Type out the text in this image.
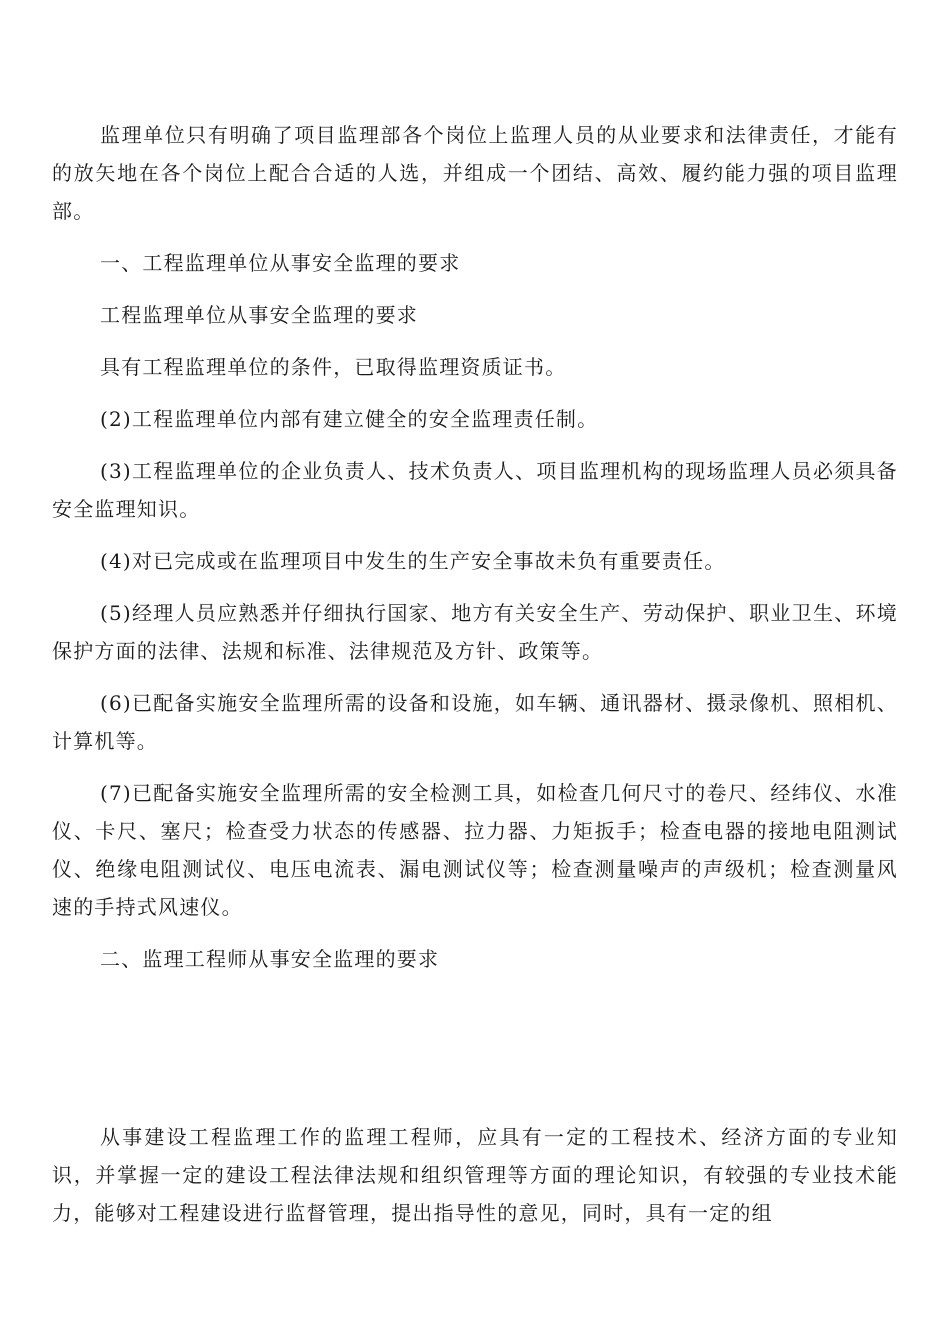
监理单位只有明确了项目监理部各个岗位上监理人员的从业要求和法律责任，才能有的放矢地在各个岗位上配合合适的人选，并组成一个团结、高效、履约能力强的项目监理部。

一、工程监理单位从事安全监理的要求

工程监理单位从事安全监理的要求

具有工程监理单位的条件，已取得监理资质证书。

(2)工程监理单位内部有建立健全的安全监理责任制。

(3)工程监理单位的企业负责人、技术负责人、项目监理机构的现场监理人员必须具备安全监理知识。

(4)对已完成或在监理项目中发生的生产安全事故未负有重要责任。

(5)经理人员应熟悉并仔细执行国家、地方有关安全生产、劳动保护、职业卫生、环境保护方面的法律、法规和标准、法律规范及方针、政策等。

(6)已配备实施安全监理所需的设备和设施，如车辆、通讯器材、摄录像机、照相机、计算机等。

(7)已配备实施安全监理所需的安全检测工具，如检查几何尺寸的卷尺、经纬仪、水准仪、卡尺、塞尺；检查受力状态的传感器、拉力器、力矩扳手；检查电器的接地电阻测试仪、绝缘电阻测试仪、电压电流表、漏电测试仪等；检查测量噪声的声级机；检查测量风速的手持式风速仪。

二、监理工程师从事安全监理的要求

从事建设工程监理工作的监理工程师，应具有一定的工程技术、经济方面的专业知识，并掌握一定的建设工程法律法规和组织管理等方面的理论知识，有较强的专业技术能力，能够对工程建设进行监督管理，提出指导性的意见，同时，具有一定的组
